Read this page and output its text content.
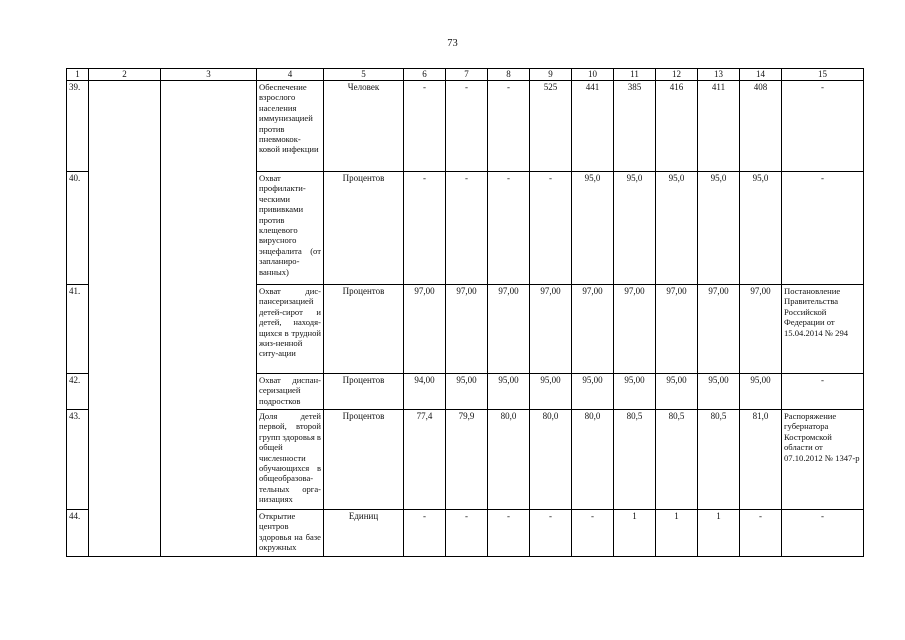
73
1	2	3	4	5	6	7	8	9	10	11	12	13	14	15
39.			Обеспечение взрослого населения иммунизацией против пневмокок-ковой инфекции	Человек	-	-	-	525	441	385	416	411	408	-
40.			Охват профилакти-ческими прививками против клещевого вирусного энцефалита (от запланиро-ванных)	Процентов	-	-	-	-	95,0	95,0	95,0	95,0	95,0	-
41.			Охват дис-пансеризацией детей-сирот и детей, находя-щихся в трудной жиз-ненной ситу-ации	Процентов	97,00	97,00	97,00	97,00	97,00	97,00	97,00	97,00	97,00	Постановление Правительства Российской Федерации от 15.04.2014 № 294
42.			Охват диспан-серизацией подростков	Процентов	94,00	95,00	95,00	95,00	95,00	95,00	95,00	95,00	95,00	-
43.			Доля детей первой, второй групп здоровья в общей численности обучающихся в общеобразова-тельных орга-низациях	Процентов	77,4	79,9	80,0	80,0	80,0	80,5	80,5	80,5	81,0	Распоряжение губернатора Костромской области от 07.10.2012 № 1347-р
44.			Открытие центров здоровья на базе окружных	Единиц	-	-	-	-	-	1	1	1	-	-
